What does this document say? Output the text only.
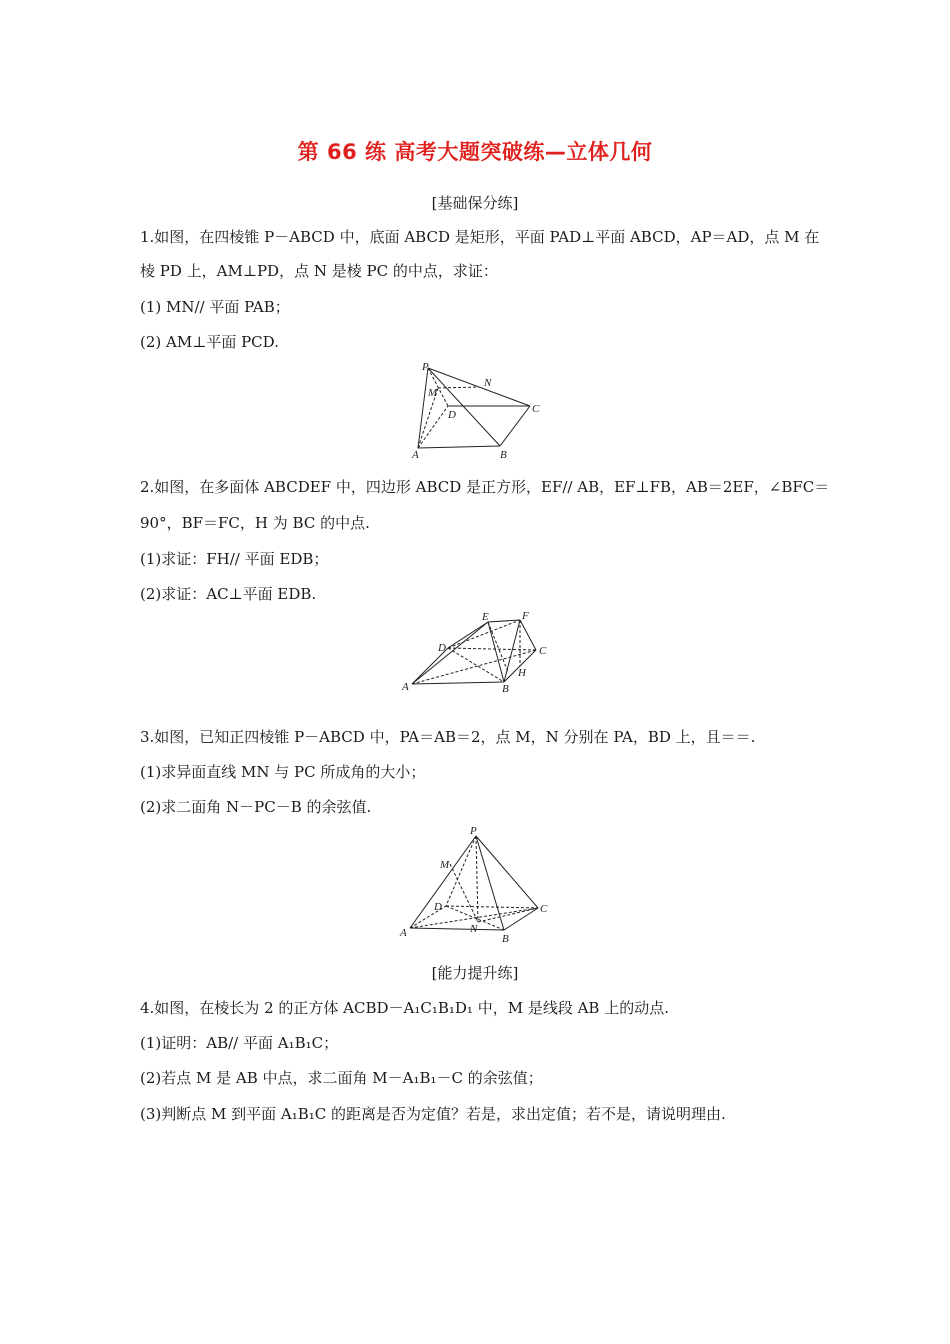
第 66 练 高考大题突破练—立体几何
[基础保分练]
1.如图，在四棱锥 P－ABCD 中，底面 ABCD 是矩形，平面 PAD⊥平面 ABCD，AP＝AD，点 M 在
棱 PD 上，AM⊥PD，点 N 是棱 PC 的中点，求证：
(1) MN// 平面 PAB；
(2) AM⊥平面 PCD.
P
N
M
D	C
A	B
2.如图，在多面体 ABCDEF 中，四边形 ABCD 是正方形，EF// AB，EF⊥FB，AB＝2EF，∠BFC＝
90°，BF＝FC，H 为 BC 的中点.
(1)求证：FH// 平面 EDB；
(2)求证：AC⊥平面 EDB.
E	F
D	C
H
A	B
3.如图，已知正四棱锥 P－ABCD 中，PA＝AB＝2，点 M，N 分别在 PA，BD 上，且＝＝.
(1)求异面直线 MN 与 PC 所成角的大小；
(2)求二面角 N－PC－B 的余弦值.
P
M
D	C
A	N
B
[能力提升练]
4.如图，在棱长为 2 的正方体 ACBD－A₁C₁B₁D₁ 中，M 是线段 AB 上的动点.
(1)证明：AB// 平面 A₁B₁C；
(2)若点 M 是 AB 中点，求二面角 M－A₁B₁－C 的余弦值；
(3)判断点 M 到平面 A₁B₁C 的距离是否为定值？若是，求出定值；若不是，请说明理由.
